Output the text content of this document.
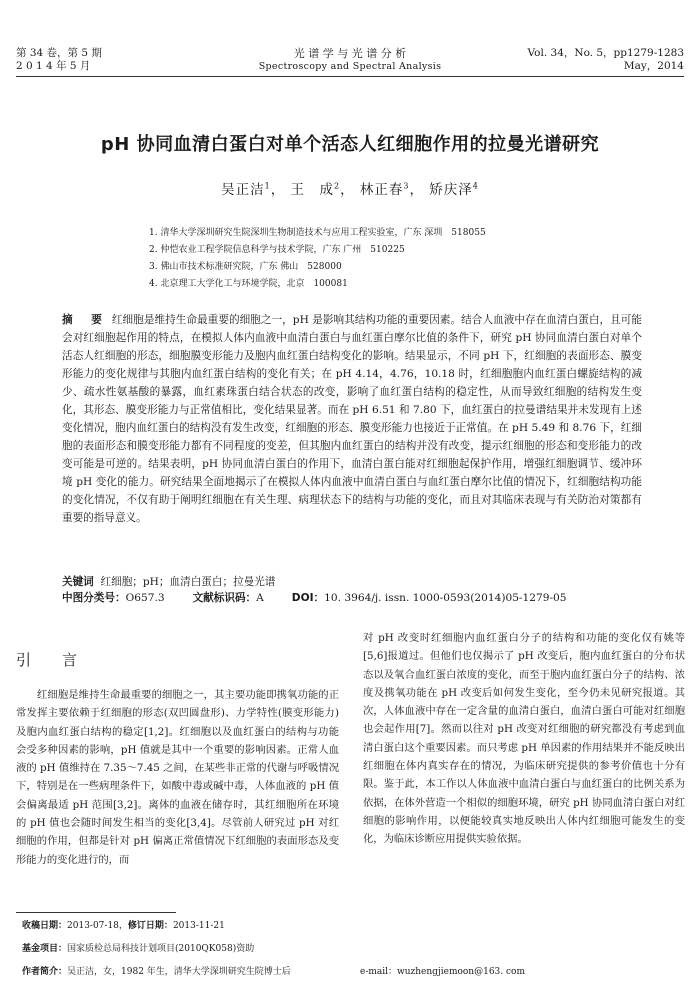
第 34 卷，第 5 期
2 0 1 4 年 5 月
光 谱 学 与 光 谱 分 析
Spectroscopy and Spectral Analysis
Vol. 34，No. 5，pp1279-1283
May，2014
pH 协同血清白蛋白对单个活态人红细胞作用的拉曼光谱研究
吴正洁$^1$， 王　成$^2$， 林正春$^3$， 矫庆泽$^4$
1. 清华大学深圳研究生院深圳生物制造技术与应用工程实验室，广东 深圳　518055
2. 仲恺农业工程学院信息科学与技术学院，广东 广州　510225
3. 佛山市技术标准研究院，广东 佛山　528000
4. 北京理工大学化工与环境学院，北京　100081
摘　要 红细胞是维持生命最重要的细胞之一，pH 是影响其结构功能的重要因素。结合人血液中存在血清白蛋白，且可能会对红细胞起作用的特点，在模拟人体内血液中血清白蛋白与血红蛋白摩尔比值的条件下，研究 pH 协同血清白蛋白对单个活态人红细胞的形态，细胞膜变形能力及胞内血红蛋白结构变化的影响。结果显示，不同 pH 下，红细胞的表面形态、膜变形能力的变化规律与其胞内血红蛋白结构的变化有关；在 pH 4.14，4.76，10.18 时，红细胞胞内血红蛋白螺旋结构的减少、疏水性氨基酸的暴露，血红素珠蛋白结合状态的改变，影响了血红蛋白结构的稳定性，从而导致红细胞的结构发生变化，其形态、膜变形能力与正常值相比，变化结果显著。而在 pH 6.51 和 7.80 下，血红蛋白的拉曼谱结果并未发现有上述变化情况，胞内血红蛋白的结构没有发生改变，红细胞的形态、膜变形能力也接近于正常值。在 pH 5.49 和 8.76 下，红细胞的表面形态和膜变形能力都有不同程度的变差，但其胞内血红蛋白的结构并没有改变，提示红细胞的形态和变形能力的改变可能是可逆的。结果表明，pH 协同血清白蛋白的作用下，血清白蛋白能对红细胞起保护作用，增强红细胞调节、缓冲环境 pH 变化的能力。研究结果全面地揭示了在模拟人体内血液中血清白蛋白与血红蛋白摩尔比值的情况下，红细胞结构功能的变化情况，不仅有助于阐明红细胞在有关生理、病理状态下的结构与功能的变化，而且对其临床表现与有关防治对策都有重要的指导意义。
关键词 红细胞；pH；血清白蛋白；拉曼光谱
中图分类号：O657.3	文献标识码：A	DOI：10. 3964/j. issn. 1000-0593(2014)05-1279-05
引　言
红细胞是维持生命最重要的细胞之一，其主要功能即携氧功能的正常发挥主要依赖于红细胞的形态(双凹圆盘形)、力学特性(膜变形能力)及胞内血红蛋白结构的稳定[1,2]。红细胞以及血红蛋白的结构与功能会受多种因素的影响，pH 值就是其中一个重要的影响因素。正常人血液的 pH 值维持在 7.35～7.45 之间，在某些非正常的代谢与呼吸情况下，特别是在一些病理条件下，如酸中毒或碱中毒，人体血液的 pH 值会偏离最适 pH 范围[3,2]。离体的血液在储存时，其红细胞所在环境的 pH 值也会随时间发生相当的变化[3,4]。尽管前人研究过 pH 对红细胞的作用，但都是针对 pH 偏离正常值情况下红细胞的表面形态及变形能力的变化进行的，而
对 pH 改变时红细胞内血红蛋白分子的结构和功能的变化仅有姚等[5,6]报道过。但他们也仅揭示了 pH 改变后，胞内血红蛋白的分布状态以及氧合血红蛋白浓度的变化，而至于胞内血红蛋白分子的结构、浓度及携氧功能在 pH 改变后如何发生变化，至今仍未见研究报道。其次，人体血液中存在一定含量的血清白蛋白，血清白蛋白可能对红细胞也会起作用[7]。然而以往对 pH 改变对红细胞的研究都没有考虑到血清白蛋白这个重要因素。而只考虑 pH 单因素的作用结果并不能反映出红细胞在体内真实存在的情况，为临床研究提供的参考价值也十分有限。鉴于此，本工作以人体血液中血清白蛋白与血红蛋白的比例关系为依据，在体外营造一个相似的细胞环境，研究 pH 协同血清白蛋白对红细胞的影响作用，以便能较真实地反映出人体内红细胞可能发生的变化，为临床诊断应用提供实验依据。
收稿日期：2013-07-18，修订日期：2013-11-21
基金项目：国家质检总局科技计划项目(2010QK058)资助
作者简介：吴正洁，女，1982 年生，清华大学深圳研究生院博士后	e-mail：wuzhengjiemoon@163. com
